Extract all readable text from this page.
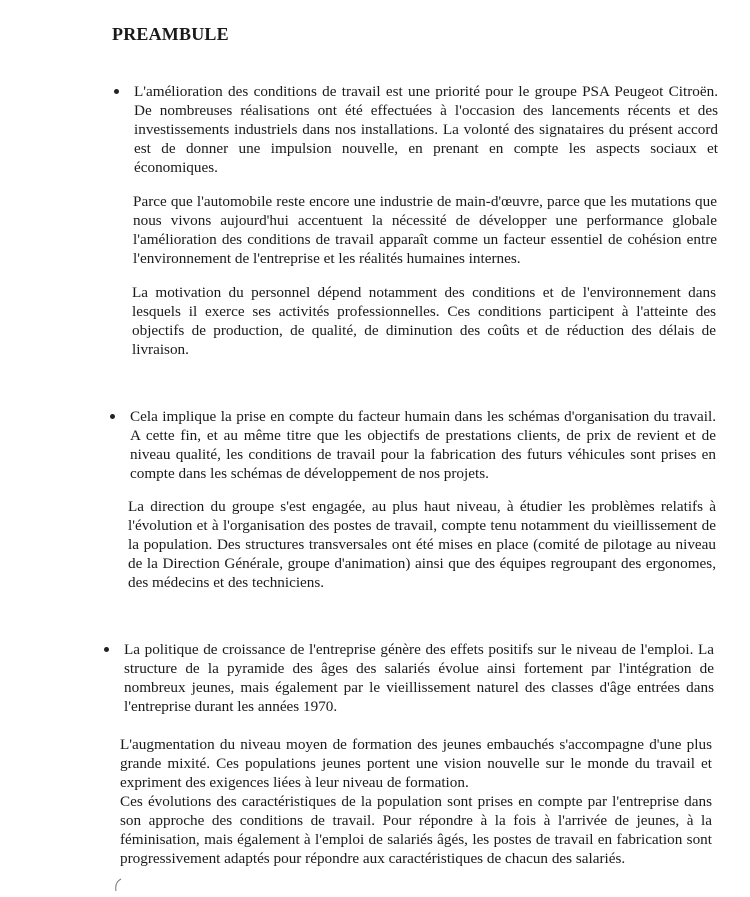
PREAMBULE
L'amélioration des conditions de travail est une priorité pour le groupe PSA Peugeot Citroën. De nombreuses réalisations ont été effectuées à l'occasion des lancements récents et des investissements industriels dans nos installations. La volonté des signataires du présent accord est de donner une impulsion nouvelle, en prenant en compte les aspects sociaux et économiques.
Parce que l'automobile reste encore une industrie de main-d'œuvre, parce que les mutations que nous vivons aujourd'hui accentuent la nécessité de développer une performance globale l'amélioration des conditions de travail apparaît comme un facteur essentiel de cohésion entre l'environnement de l'entreprise et les réalités humaines internes.
La motivation du personnel dépend notamment des conditions et de l'environnement dans lesquels il exerce ses activités professionnelles. Ces conditions participent à l'atteinte des objectifs de production, de qualité, de diminution des coûts et de réduction des délais de livraison.
Cela implique la prise en compte du facteur humain dans les schémas d'organisation du travail. A cette fin, et au même titre que les objectifs de prestations clients, de prix de revient et de niveau qualité, les conditions de travail pour la fabrication des futurs véhicules sont prises en compte dans les schémas de développement de nos projets.
La direction du groupe s'est engagée, au plus haut niveau, à étudier les problèmes relatifs à l'évolution et à l'organisation des postes de travail, compte tenu notamment du vieillissement de la population. Des structures transversales ont été mises en place (comité de pilotage au niveau de la Direction Générale, groupe d'animation) ainsi que des équipes regroupant des ergonomes, des médecins et des techniciens.
La politique de croissance de l'entreprise génère des effets positifs sur le niveau de l'emploi. La structure de la pyramide des âges des salariés évolue ainsi fortement par l'intégration de nombreux jeunes, mais également par le vieillissement naturel des classes d'âge entrées dans l'entreprise durant les années 1970.
L'augmentation du niveau moyen de formation des jeunes embauchés s'accompagne d'une plus grande mixité. Ces populations jeunes portent une vision nouvelle sur le monde du travail et expriment des exigences liées à leur niveau de formation.
Ces évolutions des caractéristiques de la population sont prises en compte par l'entreprise dans son approche des conditions de travail. Pour répondre à la fois à l'arrivée de jeunes, à la féminisation, mais également à l'emploi de salariés âgés, les postes de travail en fabrication sont progressivement adaptés pour répondre aux caractéristiques de chacun des salariés.
